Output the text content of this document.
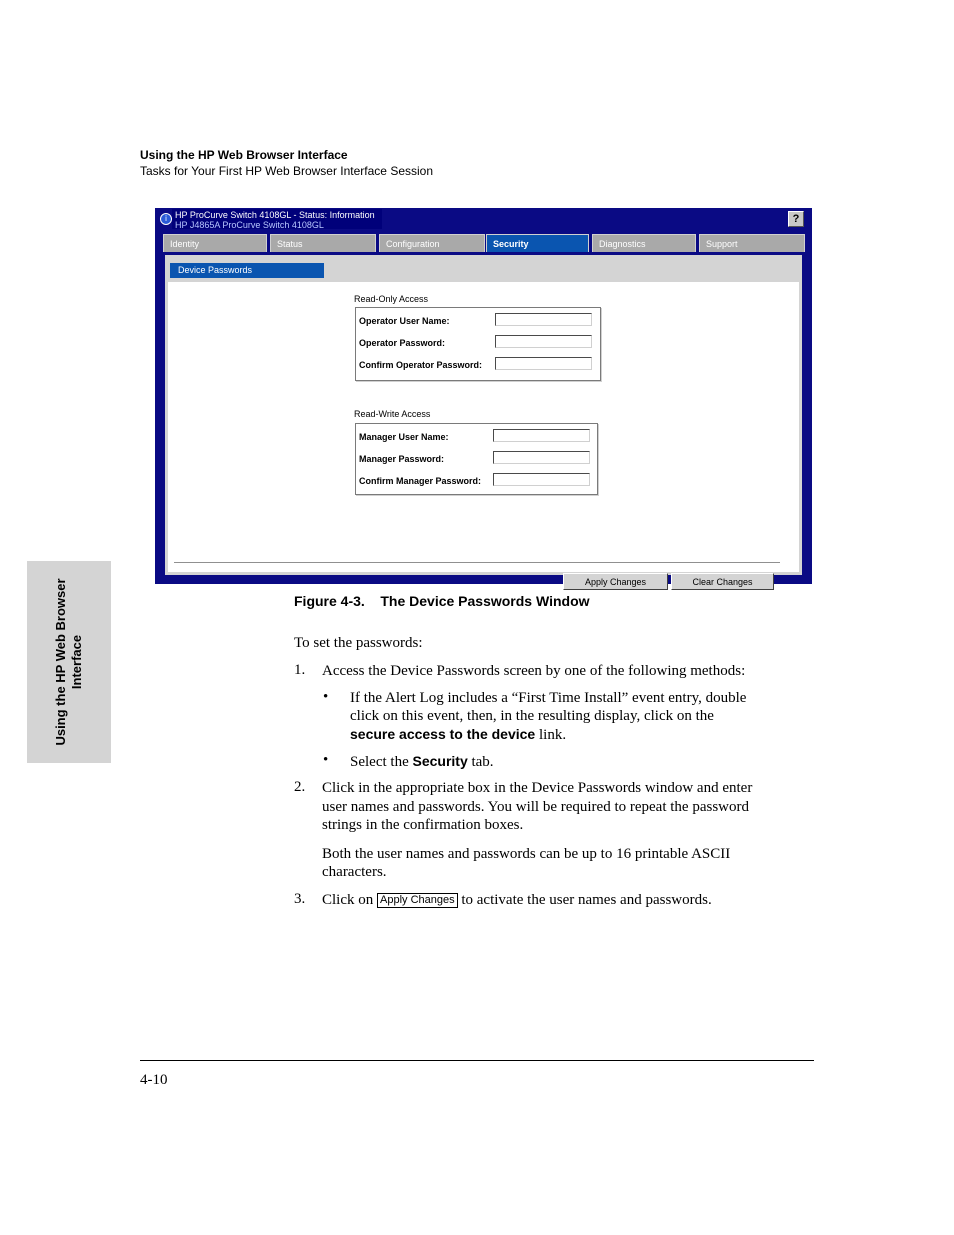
Using the HP Web Browser Interface
Tasks for Your First HP Web Browser Interface Session
i HP ProCurve Switch 4108GL - Status: Information
HP J4865A ProCurve Switch 4108GL	?
Identity	Status	Configuration	Security	Diagnostics	Support
Device Passwords
Read-Only Access
Operator User Name:
Operator Password:
Confirm Operator Password:
Read-Write Access
Manager User Name:
Manager Password:
Confirm Manager Password:
Apply Changes	Clear Changes
Figure 4-3.    The Device Passwords Window
To set the passwords:
1. Access the Device Passwords screen by one of the following methods:
• If the Alert Log includes a “First Time Install” event entry, double
click on this event, then, in the resulting display, click on the
secure access to the device link.
• Select the Security tab.
2. Click in the appropriate box in the Device Passwords window and enter
user names and passwords. You will be required to repeat the password
strings in the confirmation boxes.
Both the user names and passwords can be up to 16 printable ASCII
characters.
3. Click on Apply Changes to activate the user names and passwords.
Using the HP Web Browser Interface
4-10
